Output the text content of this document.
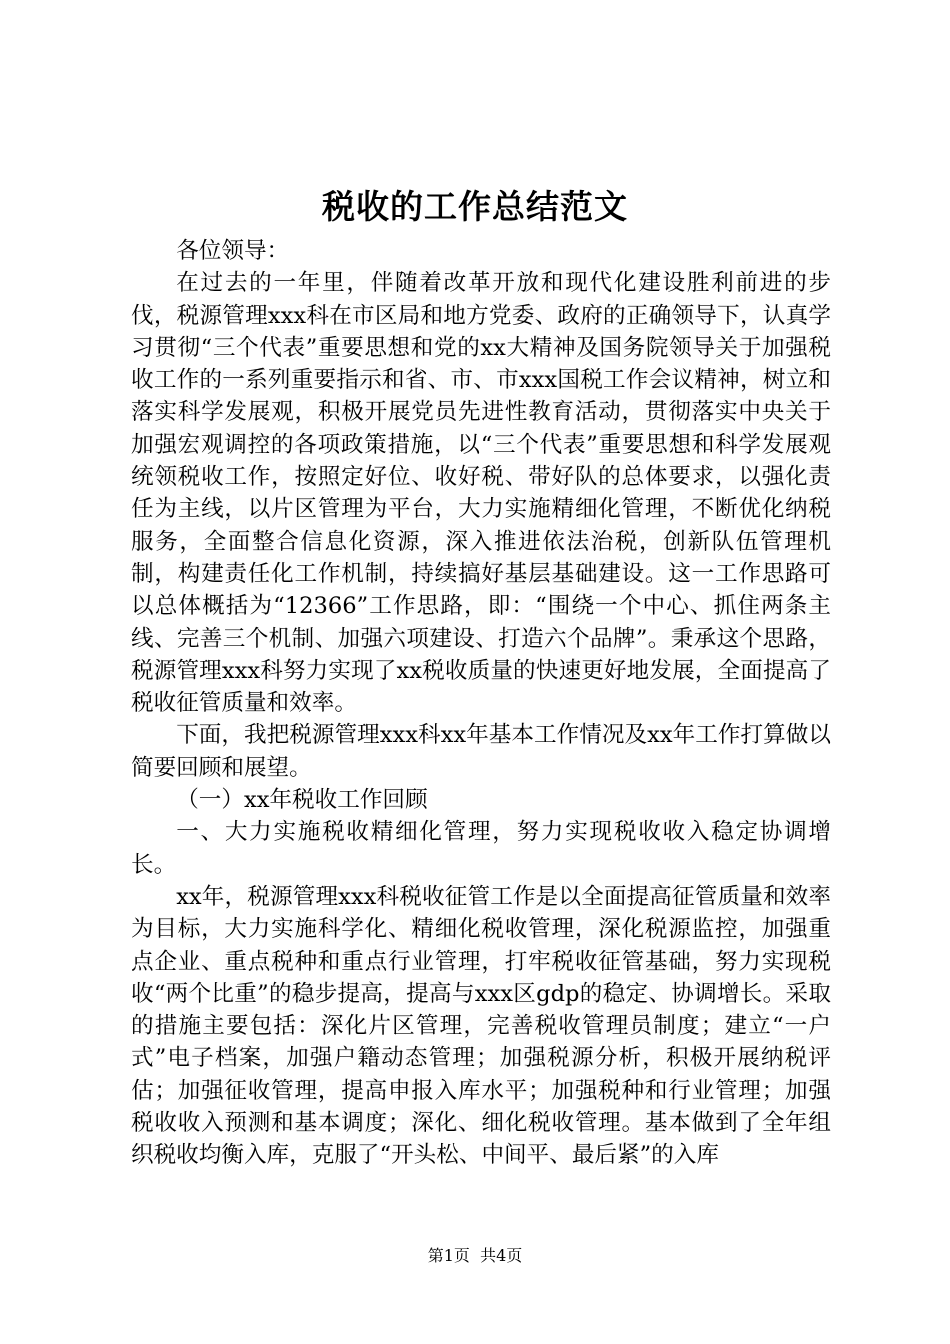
税收的工作总结范文

各位领导：

在过去的一年里，伴随着改革开放和现代化建设胜利前进的步伐，税源管理xxx科在市区局和地方党委、政府的正确领导下，认真学习贯彻“三个代表”重要思想和党的xx大精神及国务院领导关于加强税收工作的一系列重要指示和省、市、市xxx国税工作会议精神，树立和落实科学发展观，积极开展党员先进性教育活动，贯彻落实中央关于加强宏观调控的各项政策措施，以“三个代表”重要思想和科学发展观统领税收工作，按照定好位、收好税、带好队的总体要求，以强化责任为主线，以片区管理为平台，大力实施精细化管理，不断优化纳税服务，全面整合信息化资源，深入推进依法治税，创新队伍管理机制，构建责任化工作机制，持续搞好基层基础建设。这一工作思路可以总体概括为“12366”工作思路，即：“围绕一个中心、抓住两条主线、完善三个机制、加强六项建设、打造六个品牌”。秉承这个思路，税源管理xxx科努力实现了xx税收质量的快速更好地发展，全面提高了税收征管质量和效率。

下面，我把税源管理xxx科xx年基本工作情况及xx年工作打算做以简要回顾和展望。

（一）xx年税收工作回顾

一、大力实施税收精细化管理，努力实现税收收入稳定协调增长。

xx年，税源管理xxx科税收征管工作是以全面提高征管质量和效率为目标，大力实施科学化、精细化税收管理，深化税源监控，加强重点企业、重点税种和重点行业管理，打牢税收征管基础，努力实现税收“两个比重”的稳步提高，提高与xxx区gdp的稳定、协调增长。采取的措施主要包括：深化片区管理，完善税收管理员制度；建立“一户式”电子档案，加强户籍动态管理；加强税源分析，积极开展纳税评估；加强征收管理，提高申报入库水平；加强税种和行业管理；加强税收收入预测和基本调度；深化、细化税收管理。基本做到了全年组织税收均衡入库，克服了“开头松、中间平、最后紧”的入库

第1页 共4页
